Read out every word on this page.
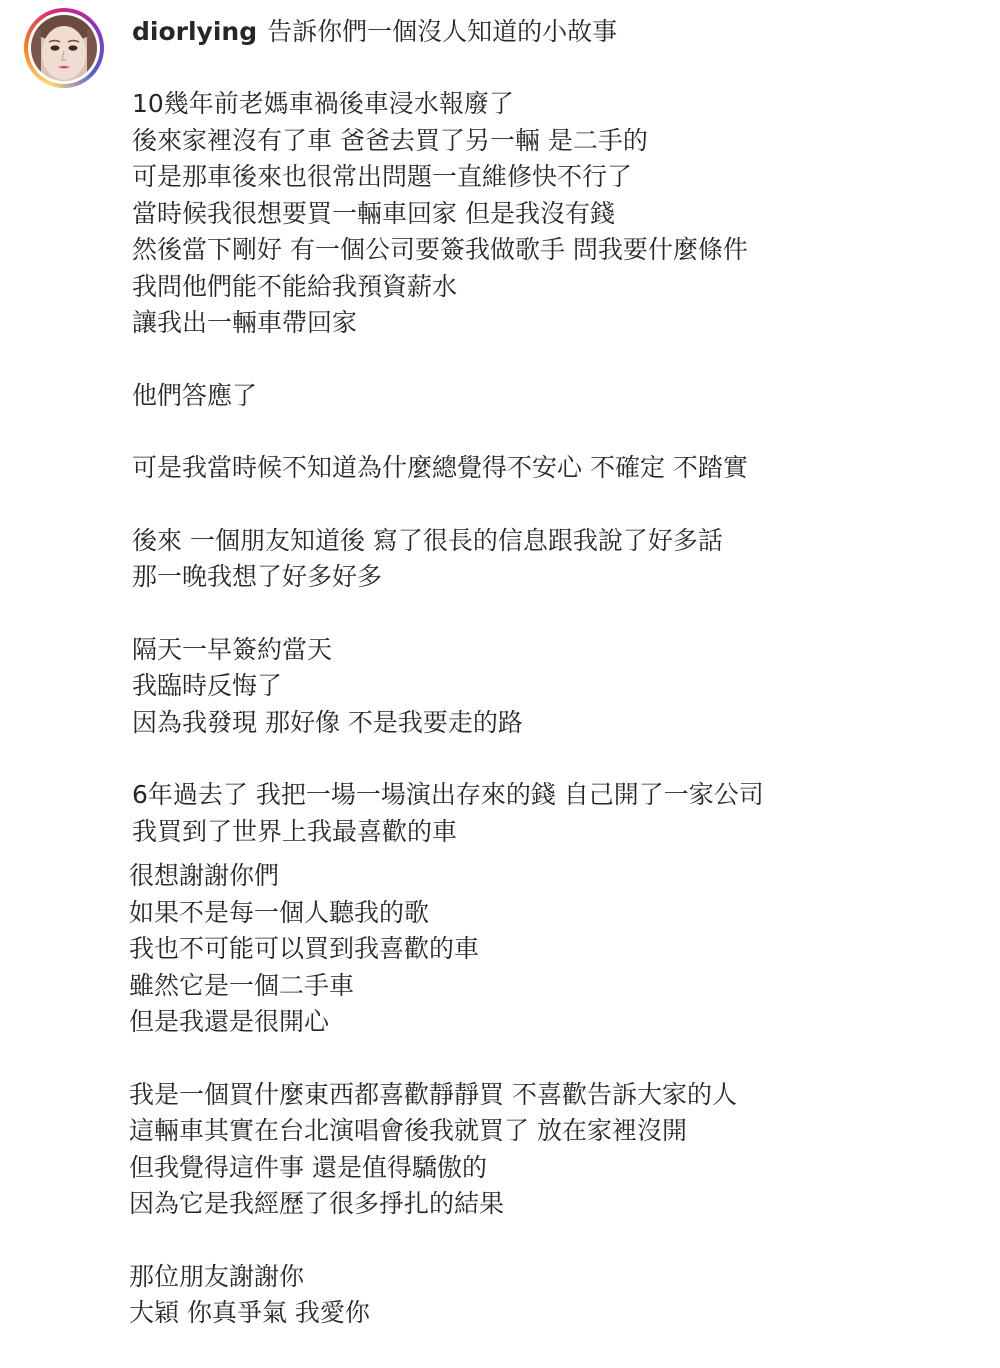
diorlying 告訴你們一個沒人知道的小故事
10幾年前老媽車禍後車浸水報廢了
後來家裡沒有了車 爸爸去買了另一輛 是二手的
可是那車後來也很常出問題一直維修快不行了
當時候我很想要買一輛車回家 但是我沒有錢
然後當下剛好 有一個公司要簽我做歌手 問我要什麼條件
我問他們能不能給我預資薪水
讓我出一輛車帶回家
他們答應了
可是我當時候不知道為什麼總覺得不安心 不確定 不踏實
後來 一個朋友知道後 寫了很長的信息跟我說了好多話
那一晚我想了好多好多
隔天一早簽約當天
我臨時反悔了
因為我發現 那好像 不是我要走的路
6年過去了 我把一場一場演出存來的錢 自己開了一家公司
我買到了世界上我最喜歡的車
很想謝謝你們
如果不是每一個人聽我的歌
我也不可能可以買到我喜歡的車
雖然它是一個二手車
但是我還是很開心
我是一個買什麼東西都喜歡靜靜買 不喜歡告訴大家的人
這輛車其實在台北演唱會後我就買了 放在家裡沒開
但我覺得這件事 還是值得驕傲的
因為它是我經歷了很多掙扎的結果
那位朋友謝謝你
大穎 你真爭氣 我愛你
